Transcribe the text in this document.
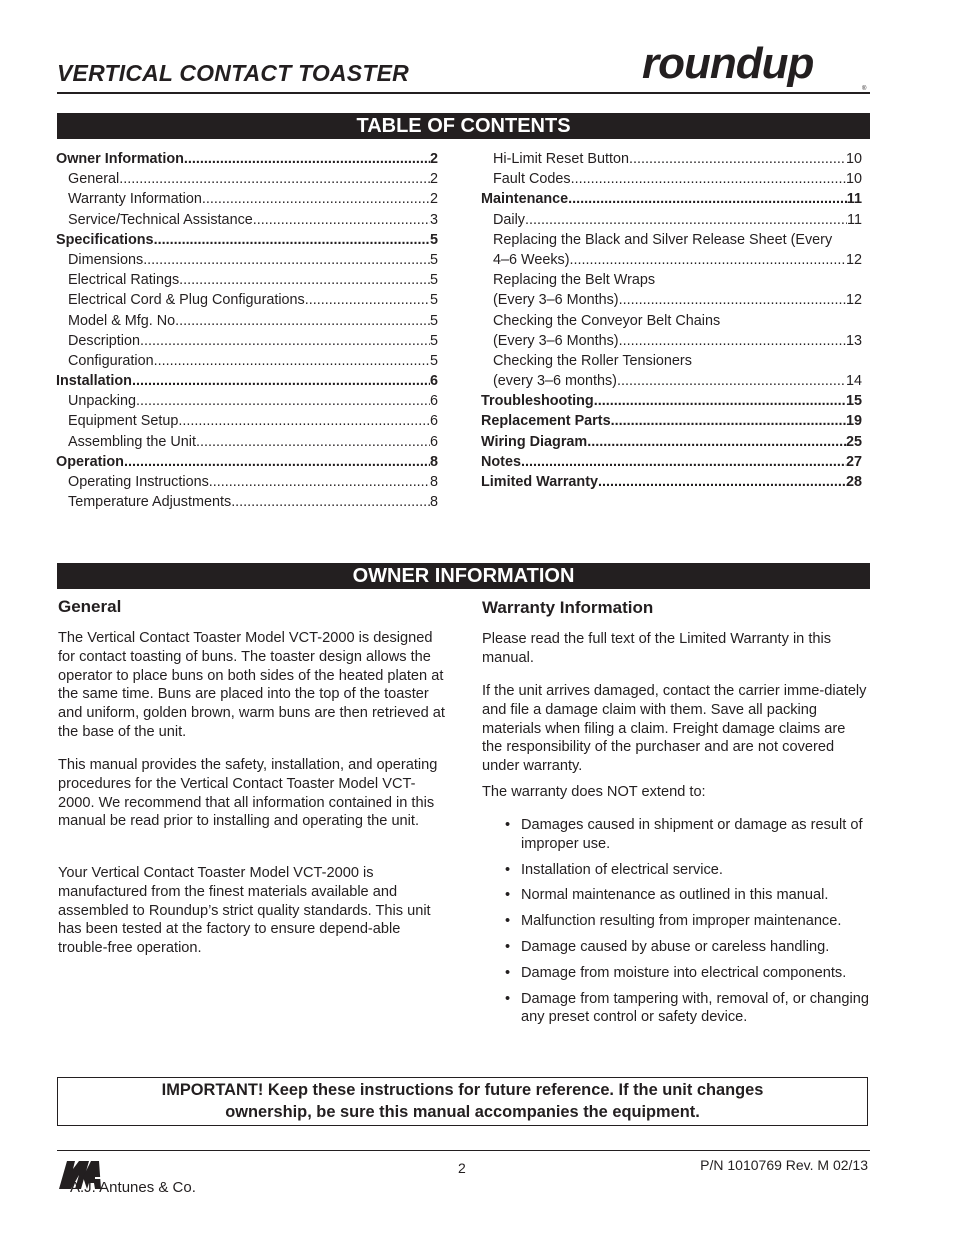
VERTICAL CONTACT TOASTER	roundup
®
TABLE OF CONTENTS
Owner Information .....	2
General .....	2
Warranty Information .....	2
Service/Technical Assistance .....	3
Specifications .....	5
Dimensions .....	5
Electrical Ratings .....	5
Electrical Cord & Plug Configurations .....	5
Model & Mfg. No. .....	5
Description .....	5
Configuration .....	5
Installation .....	6
Unpacking .....	6
Equipment Setup .....	6
Assembling the Unit .....	6
Operation .....	8
Operating Instructions .....	8
Temperature Adjustments .....	8
Hi-Limit Reset Button .....	10
Fault Codes .....	10
Maintenance .....	11
Daily .....	11
Replacing the Black and Silver Release Sheet (Every
4–6 Weeks) .....	12
Replacing the Belt Wraps
(Every 3–6 Months) .....	12
Checking the Conveyor Belt Chains
(Every 3–6 Months) .....	13
Checking the Roller Tensioners
(every 3–6 months) .....	14
Troubleshooting .....	15
Replacement Parts .....	19
Wiring Diagram .....	25
Notes .....	27
Limited Warranty .....	28
OWNER INFORMATION
General

The Vertical Contact Toaster Model VCT-2000 is designed for contact toasting of buns. The toaster design allows the operator to place buns on both sides of the heated platen at the same time. Buns are placed into the top of the toaster and uniform, golden brown, warm buns are then retrieved at the base of the unit.

This manual provides the safety, installation, and operating procedures for the Vertical Contact Toaster Model VCT-2000. We recommend that all information contained in this manual be read prior to installing and operating the unit.

Your Vertical Contact Toaster Model VCT-2000 is manufactured from the finest materials available and assembled to Roundup’s strict quality standards. This unit has been tested at the factory to ensure depend-able trouble-free operation.

Warranty Information

Please read the full text of the Limited Warranty in this manual.

If the unit arrives damaged, contact the carrier imme-diately and file a damage claim with them. Save all packing materials when filing a claim. Freight damage claims are the responsibility of the purchaser and are not covered under warranty.

The warranty does NOT extend to:

• Damages caused in shipment or damage as result of improper use.
• Installation of electrical service.
• Normal maintenance as outlined in this manual.
• Malfunction resulting from improper maintenance.
• Damage caused by abuse or careless handling.
• Damage from moisture into electrical components.
• Damage from tampering with, removal of, or changing any preset control or safety device.
IMPORTANT! Keep these instructions for future reference. If the unit changes
ownership, be sure this manual accompanies the equipment.
A.J. Antunes & Co.
2	P/N 1010769 Rev. M 02/13
